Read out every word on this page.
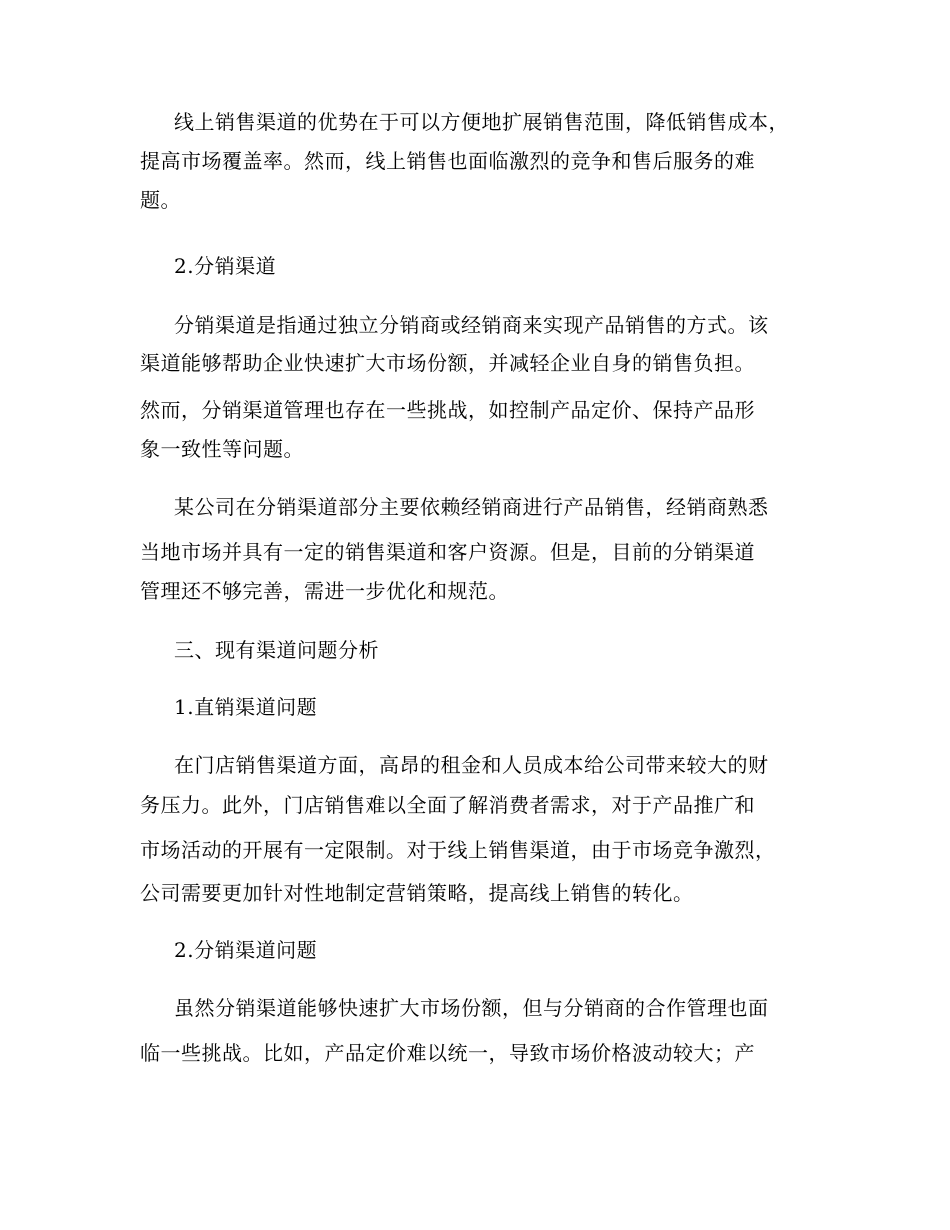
线上销售渠道的优势在于可以方便地扩展销售范围，降低销售成本，
提高市场覆盖率。然而，线上销售也面临激烈的竞争和售后服务的难
题。
2.分销渠道
分销渠道是指通过独立分销商或经销商来实现产品销售的方式。该
渠道能够帮助企业快速扩大市场份额，并减轻企业自身的销售负担。
然而，分销渠道管理也存在一些挑战，如控制产品定价、保持产品形
象一致性等问题。
某公司在分销渠道部分主要依赖经销商进行产品销售，经销商熟悉
当地市场并具有一定的销售渠道和客户资源。但是，目前的分销渠道
管理还不够完善，需进一步优化和规范。
三、现有渠道问题分析
1.直销渠道问题
在门店销售渠道方面，高昂的租金和人员成本给公司带来较大的财
务压力。此外，门店销售难以全面了解消费者需求，对于产品推广和
市场活动的开展有一定限制。对于线上销售渠道，由于市场竞争激烈，
公司需要更加针对性地制定营销策略，提高线上销售的转化。
2.分销渠道问题
虽然分销渠道能够快速扩大市场份额，但与分销商的合作管理也面
临一些挑战。比如，产品定价难以统一，导致市场价格波动较大；产
